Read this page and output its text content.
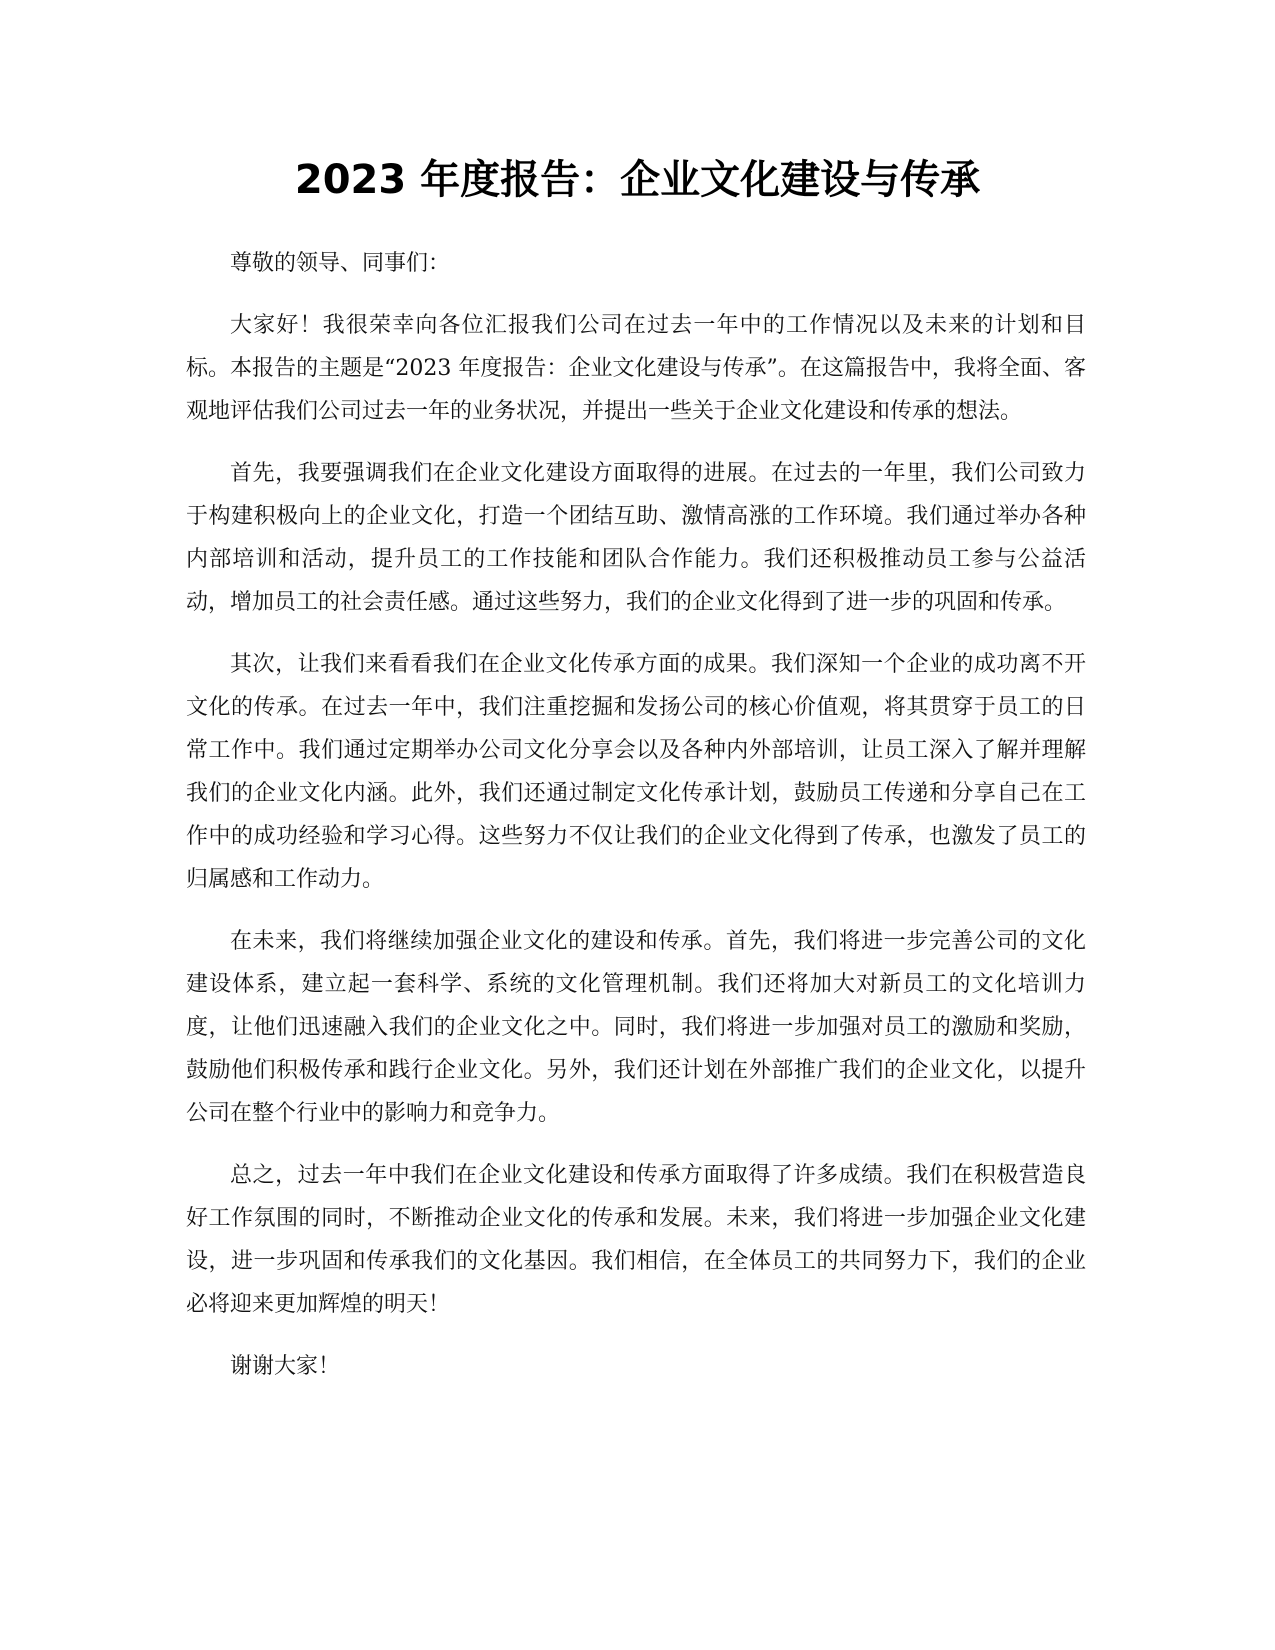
2023 年度报告：企业文化建设与传承

尊敬的领导、同事们：

大家好！我很荣幸向各位汇报我们公司在过去一年中的工作情况以及未来的计划和目标。本报告的主题是“2023 年度报告：企业文化建设与传承”。在这篇报告中，我将全面、客观地评估我们公司过去一年的业务状况，并提出一些关于企业文化建设和传承的想法。

首先，我要强调我们在企业文化建设方面取得的进展。在过去的一年里，我们公司致力于构建积极向上的企业文化，打造一个团结互助、激情高涨的工作环境。我们通过举办各种内部培训和活动，提升员工的工作技能和团队合作能力。我们还积极推动员工参与公益活动，增加员工的社会责任感。通过这些努力，我们的企业文化得到了进一步的巩固和传承。

其次，让我们来看看我们在企业文化传承方面的成果。我们深知一个企业的成功离不开文化的传承。在过去一年中，我们注重挖掘和发扬公司的核心价值观，将其贯穿于员工的日常工作中。我们通过定期举办公司文化分享会以及各种内外部培训，让员工深入了解并理解我们的企业文化内涵。此外，我们还通过制定文化传承计划，鼓励员工传递和分享自己在工作中的成功经验和学习心得。这些努力不仅让我们的企业文化得到了传承，也激发了员工的归属感和工作动力。

在未来，我们将继续加强企业文化的建设和传承。首先，我们将进一步完善公司的文化建设体系，建立起一套科学、系统的文化管理机制。我们还将加大对新员工的文化培训力度，让他们迅速融入我们的企业文化之中。同时，我们将进一步加强对员工的激励和奖励，鼓励他们积极传承和践行企业文化。另外，我们还计划在外部推广我们的企业文化，以提升公司在整个行业中的影响力和竞争力。

总之，过去一年中我们在企业文化建设和传承方面取得了许多成绩。我们在积极营造良好工作氛围的同时，不断推动企业文化的传承和发展。未来，我们将进一步加强企业文化建设，进一步巩固和传承我们的文化基因。我们相信，在全体员工的共同努力下，我们的企业必将迎来更加辉煌的明天！

谢谢大家！
